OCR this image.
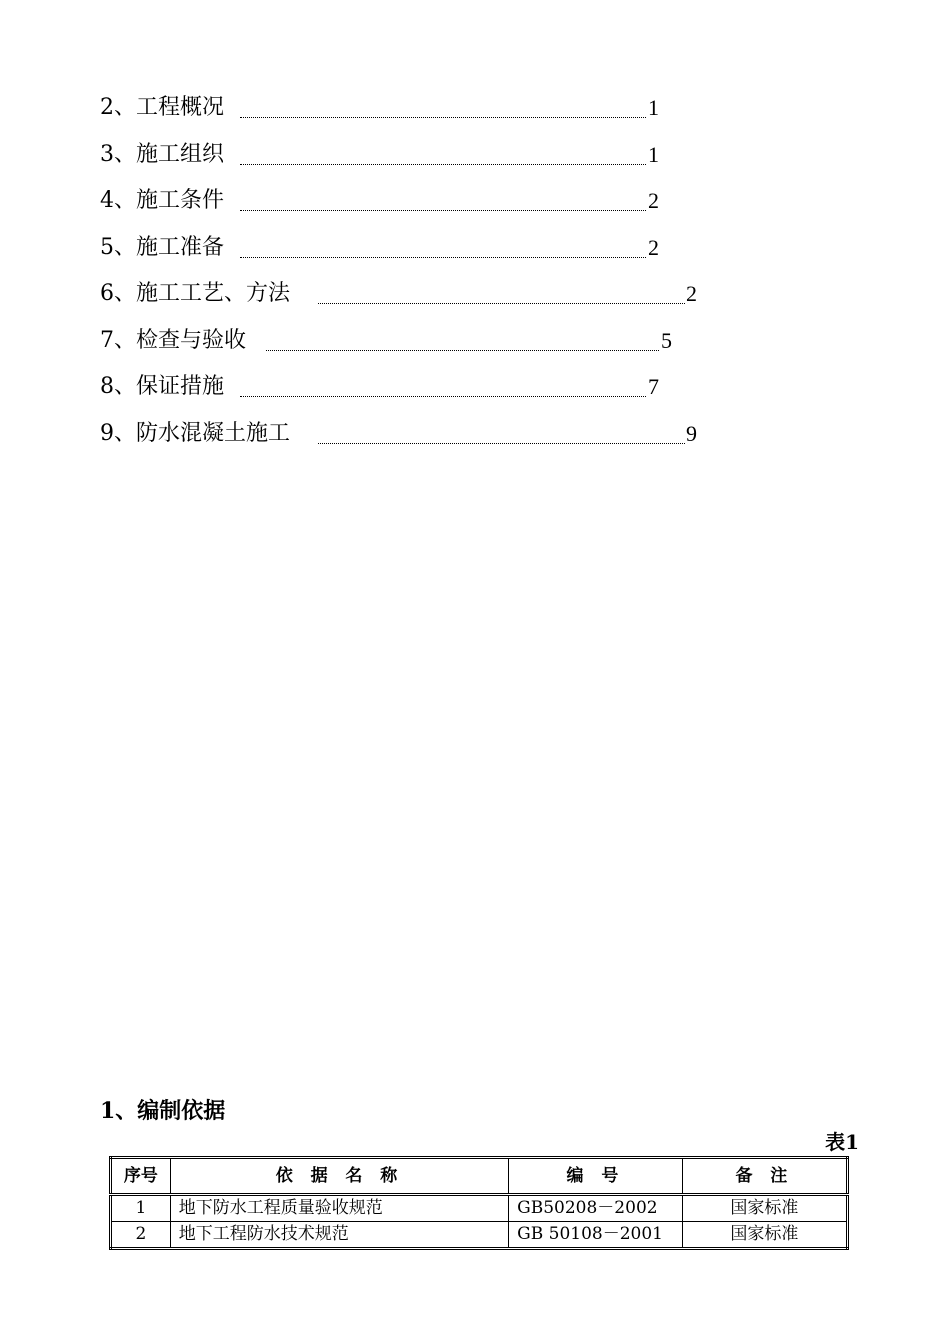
2、工程概况	1
3、施工组织	1
4、施工条件	2
5、施工准备	2
6、施工工艺、方法	2
7、检查与验收	5
8、保证措施	7
9、防水混凝土施工	9
1、编制依据
表1
序号	依 据 名 称	编 号	备 注
1	地下防水工程质量验收规范	GB50208－2002	国家标准
2	地下工程防水技术规范	GB 50108－2001	国家标准
